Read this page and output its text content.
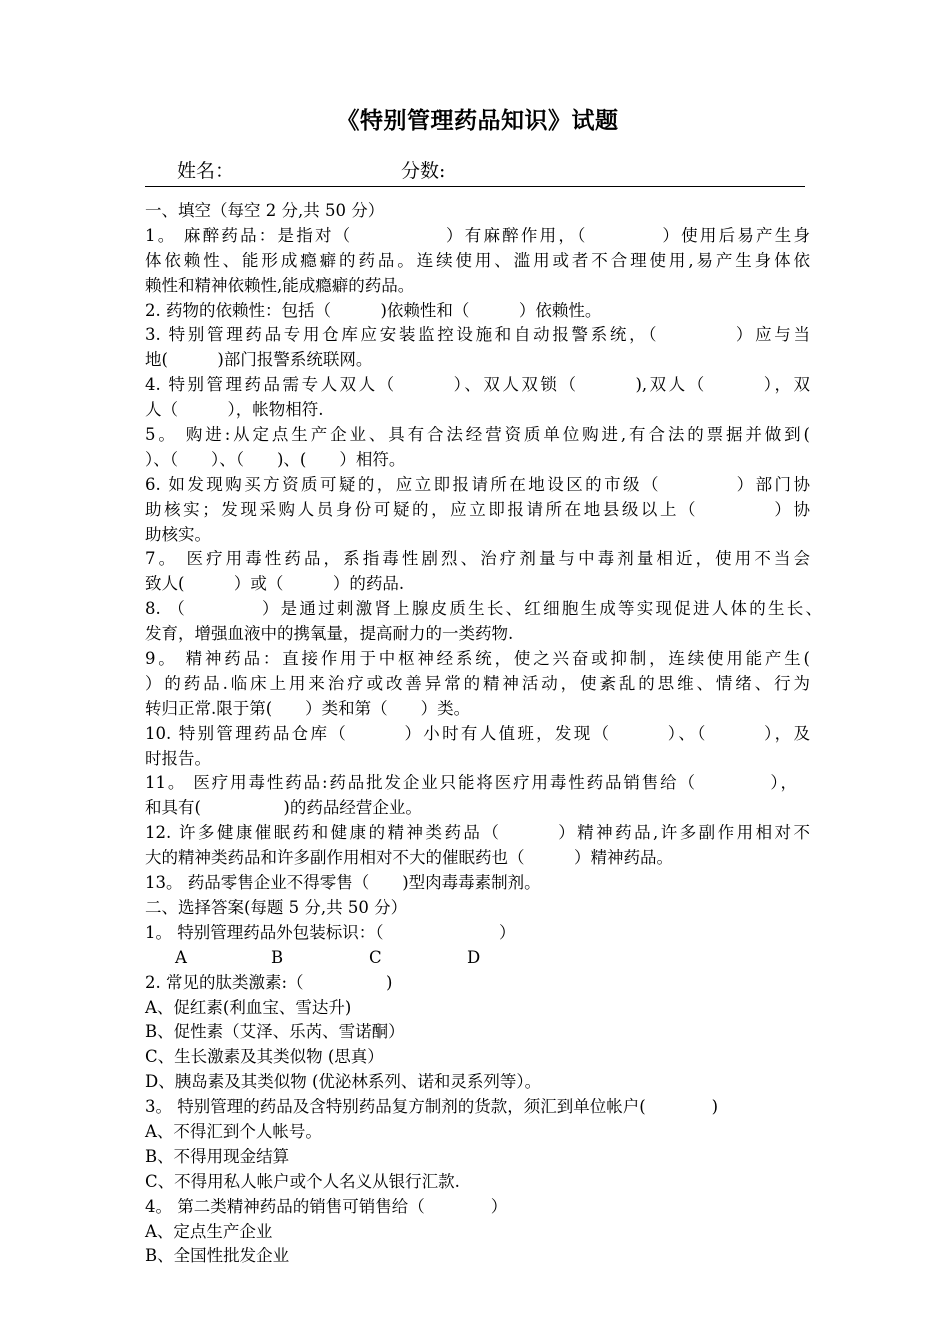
《特别管理药品知识》试题
姓名：	分数:
一、填空（每空 2 分,共 50 分）
1。 麻醉药品：是指对（　　　　　）有麻醉作用，（　　　　）使用后易产生身
体依赖性、能形成瘾癖的药品。连续使用、滥用或者不合理使用,易产生身体依
赖性和精神依赖性,能成瘾癖的药品。
2. 药物的依赖性：包括（　　　)依赖性和（　　　）依赖性。
3. 特别管理药品专用仓库应安装监控设施和自动报警系统，（　　　　）应与当
地(　　　)部门报警系统联网。
4. 特别管理药品需专人双人（　　　）、双人双锁（　　　),双人（　　　），双
人（　　　），帐物相符.
5。 购进:从定点生产企业、具有合法经营资质单位购进,有合法的票据并做到(
）、（　　）、（　　)、(　　）相符。
6. 如发现购买方资质可疑的，应立即报请所在地设区的市级（　　　　）部门协
助核实；发现采购人员身份可疑的，应立即报请所在地县级以上（　　　　）协
助核实。
7。 医疗用毒性药品，系指毒性剧烈、治疗剂量与中毒剂量相近，使用不当会
致人(　　　）或（　　　）的药品.
8. （　　　　）是通过刺激肾上腺皮质生长、红细胞生成等实现促进人体的生长、
发育，增强血液中的携氧量，提高耐力的一类药物.
9。 精神药品：直接作用于中枢神经系统，使之兴奋或抑制，连续使用能产生(
）的药品.临床上用来治疗或改善异常的精神活动，使紊乱的思维、情绪、行为
转归正常.限于第(　　）类和第（　　）类。
10. 特别管理药品仓库（　　　）小时有人值班，发现（　　　）、（　　　），及
时报告。
11。 医疗用毒性药品:药品批发企业只能将医疗用毒性药品销售给（　　　　），
和具有(　　　　　)的药品经营企业。
12. 许多健康催眠药和健康的精神类药品（　　　）精神药品,许多副作用相对不
大的精神类药品和许多副作用相对不大的催眠药也（　　　）精神药品。
13。 药品零售企业不得零售（　　)型肉毒毒素制剂。
二、选择答案(每题 5 分,共 50 分）
1。 特别管理药品外包装标识：（　　　　　　　）
A	B	C	D
2. 常见的肽类激素:（　　　　　)
A、促红素(利血宝、雪达升)
B、促性素（艾泽、乐芮、雪诺酮）
C、生长激素及其类似物 (思真）
D、胰岛素及其类似物 (优泌林系列、诺和灵系列等）。
3。 特别管理的药品及含特别药品复方制剂的货款，须汇到单位帐户(　　　　)
A、不得汇到个人帐号。
B、不得用现金结算
C、不得用私人帐户或个人名义从银行汇款.
4。 第二类精神药品的销售可销售给（　　　　）
A、定点生产企业
B、全国性批发企业
